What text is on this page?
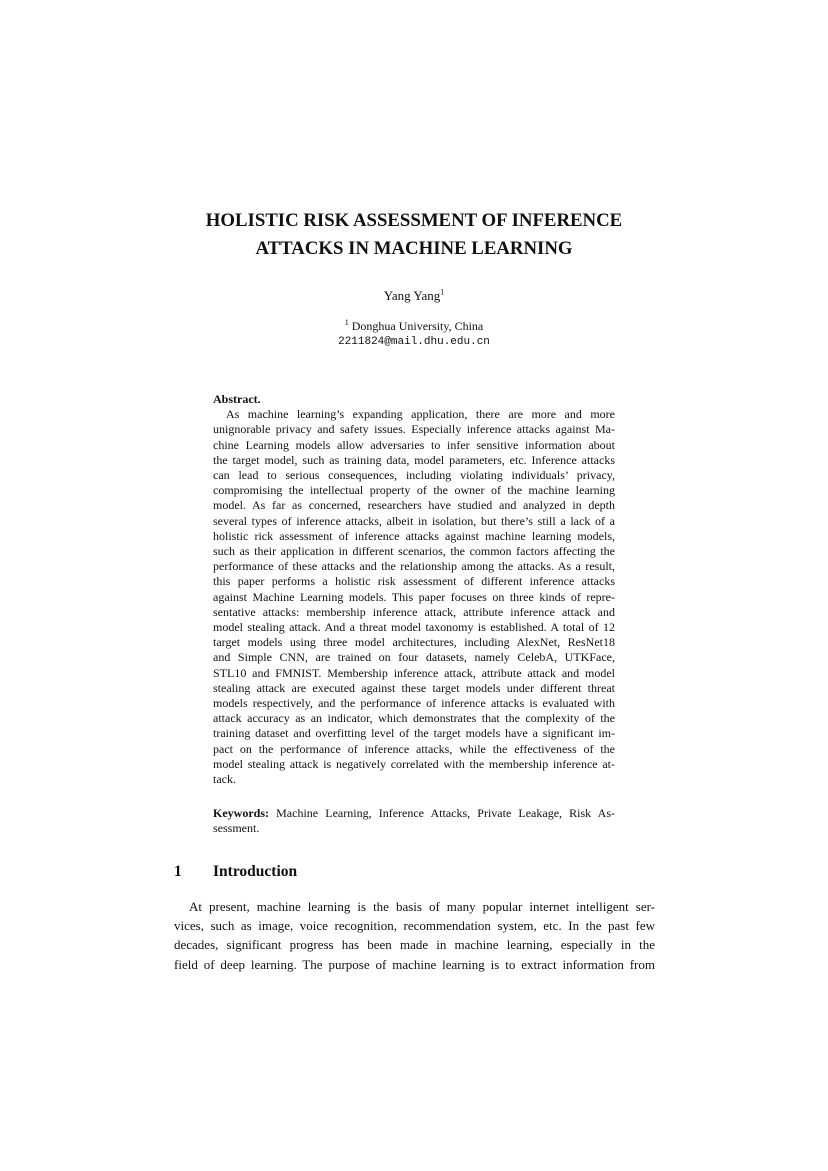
HOLISTIC RISK ASSESSMENT OF INFERENCE
ATTACKS IN MACHINE LEARNING
Yang Yang$^1$
$^1$ Donghua University, China
2211824@mail.dhu.edu.cn
Abstract.
As machine learning’s expanding application, there are more and more
unignorable privacy and safety issues. Especially inference attacks against Ma-
chine Learning models allow adversaries to infer sensitive information about
the target model, such as training data, model parameters, etc. Inference attacks
can lead to serious consequences, including violating individuals’ privacy,
compromising the intellectual property of the owner of the machine learning
model. As far as concerned, researchers have studied and analyzed in depth
several types of inference attacks, albeit in isolation, but there’s still a lack of a
holistic rick assessment of inference attacks against machine learning models,
such as their application in different scenarios, the common factors affecting the
performance of these attacks and the relationship among the attacks. As a result,
this paper performs a holistic risk assessment of different inference attacks
against Machine Learning models. This paper focuses on three kinds of repre-
sentative attacks: membership inference attack, attribute inference attack and
model stealing attack. And a threat model taxonomy is established. A total of 12
target models using three model architectures, including AlexNet, ResNet18
and Simple CNN, are trained on four datasets, namely CelebA, UTKFace,
STL10 and FMNIST. Membership inference attack, attribute attack and model
stealing attack are executed against these target models under different threat
models respectively, and the performance of inference attacks is evaluated with
attack accuracy as an indicator, which demonstrates that the complexity of the
training dataset and overfitting level of the target models have a significant im-
pact on the performance of inference attacks, while the effectiveness of the
model stealing attack is negatively correlated with the membership inference at-
tack.
Keywords: Machine Learning, Inference Attacks, Private Leakage, Risk As-
sessment.
1 Introduction
At present, machine learning is the basis of many popular internet intelligent ser-
vices, such as image, voice recognition, recommendation system, etc. In the past few
decades, significant progress has been made in machine learning, especially in the
field of deep learning. The purpose of machine learning is to extract information from
